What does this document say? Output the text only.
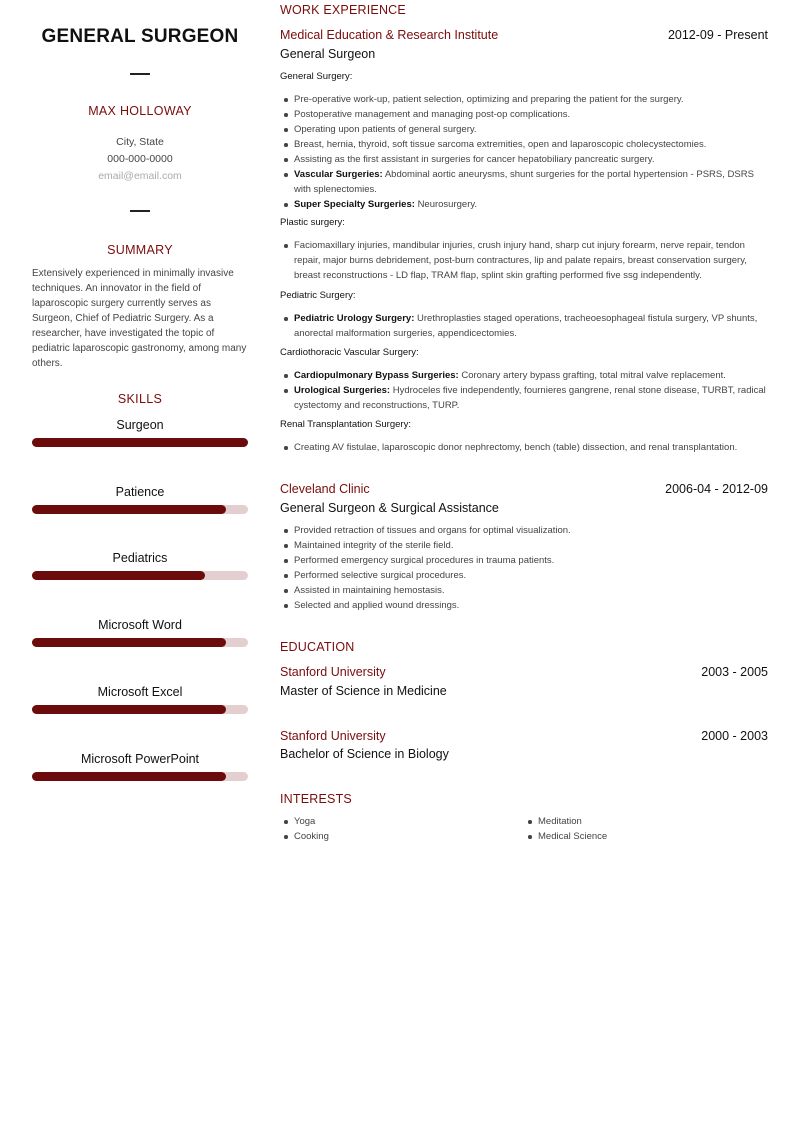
GENERAL SURGEON
MAX HOLLOWAY
City, State
000-000-0000
email@email.com
SUMMARY

Extensively experienced in minimally invasive techniques. An innovator in the field of laparoscopic surgery currently serves as Surgeon, Chief of Pediatric Surgery. As a researcher, have investigated the topic of pediatric laparoscopic gastronomy, among many others.

SKILLS
Surgeon
Patience
Pediatrics
Microsoft Word
Microsoft Excel
Microsoft PowerPoint
WORK EXPERIENCE
Medical Education & Research Institute	2012-09 - Present
General Surgeon
General Surgery:
Pre-operative work-up, patient selection, optimizing and preparing the patient for the surgery.
Postoperative management and managing post-op complications.
Operating upon patients of general surgery.
Breast, hernia, thyroid, soft tissue sarcoma extremities, open and laparoscopic cholecystectomies.
Assisting as the first assistant in surgeries for cancer hepatobiliary pancreatic surgery.
Vascular Surgeries: Abdominal aortic aneurysms, shunt surgeries for the portal hypertension - PSRS, DSRS with splenectomies.
Super Specialty Surgeries: Neurosurgery.
Plastic surgery:
Faciomaxillary injuries, mandibular injuries, crush injury hand, sharp cut injury forearm, nerve repair, tendon repair, major burns debridement, post-burn contractures, lip and palate repairs, breast conservation surgery, breast reconstructions - LD flap, TRAM flap, splint skin grafting performed five ssg independently.
Pediatric Surgery:
Pediatric Urology Surgery: Urethroplasties staged operations, tracheoesophageal fistula surgery, VP shunts, anorectal malformation surgeries, appendicectomies.
Cardiothoracic Vascular Surgery:
Cardiopulmonary Bypass Surgeries: Coronary artery bypass grafting, total mitral valve replacement.
Urological Surgeries: Hydroceles five independently, fournieres gangrene, renal stone disease, TURBT, radical cystectomy and reconstructions, TURP.
Renal Transplantation Surgery:
Creating AV fistulae, laparoscopic donor nephrectomy, bench (table) dissection, and renal transplantation.
Cleveland Clinic	2006-04 - 2012-09
General Surgeon & Surgical Assistance
Provided retraction of tissues and organs for optimal visualization.
Maintained integrity of the sterile field.
Performed emergency surgical procedures in trauma patients.
Performed selective surgical procedures.
Assisted in maintaining hemostasis.
Selected and applied wound dressings.
EDUCATION
Stanford University	2003 - 2005
Master of Science in Medicine
Stanford University	2000 - 2003
Bachelor of Science in Biology
INTERESTS
Yoga
Cooking
Meditation
Medical Science
